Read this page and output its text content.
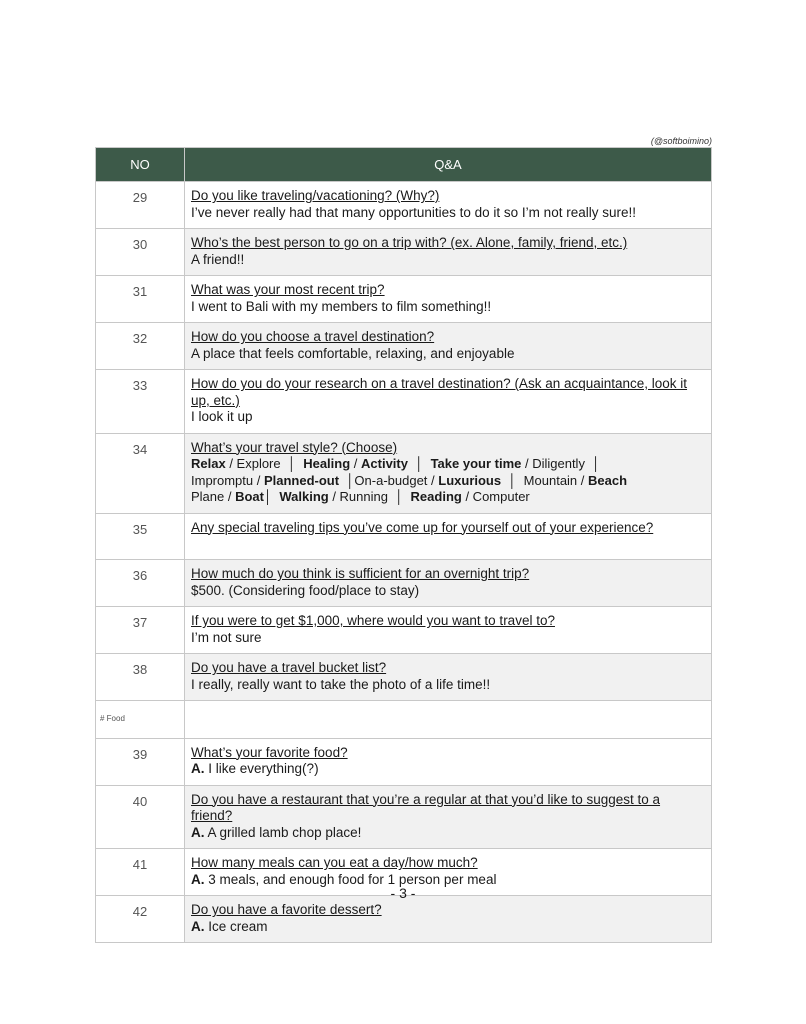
(@softboimino)
NO	Q&A
29	Do you like traveling/vacationing? (Why?)
I’ve never really had that many opportunities to do it so I’m not really sure!!

30	Who’s the best person to go on a trip with? (ex. Alone, family, friend, etc.)
A friend!!

31	What was your most recent trip?
I went to Bali with my members to film something!!

32	How do you choose a travel destination?
A place that feels comfortable, relaxing, and enjoyable

33	How do you do your research on a travel destination? (Ask an acquaintance, look it up, etc.)
I look it up

34	What’s your travel style? (Choose)
Relax / Explore  │  Healing / Activity  │  Take your time / Diligently  │
Impromptu / Planned-out  │On-a-budget / Luxurious  │  Mountain / Beach
Plane / Boat│  Walking / Running  │  Reading / Computer

35	Any special traveling tips you’ve come up for yourself out of your experience?

36	How much do you think is sufficient for an overnight trip?
$500. (Considering food/place to stay)

37	If you were to get $1,000, where would you want to travel to?
I’m not sure

38	Do you have a travel bucket list?
I really, really want to take the photo of a life time!!

# Food	
39	What’s your favorite food?
A. I like everything(?)

40	Do you have a restaurant that you’re a regular at that you’d like to suggest to a friend?
A. A grilled lamb chop place!

41	How many meals can you eat a day/how much?
A. 3 meals, and enough food for 1 person per meal

42	Do you have a favorite dessert?
A. Ice cream
- 3 -
